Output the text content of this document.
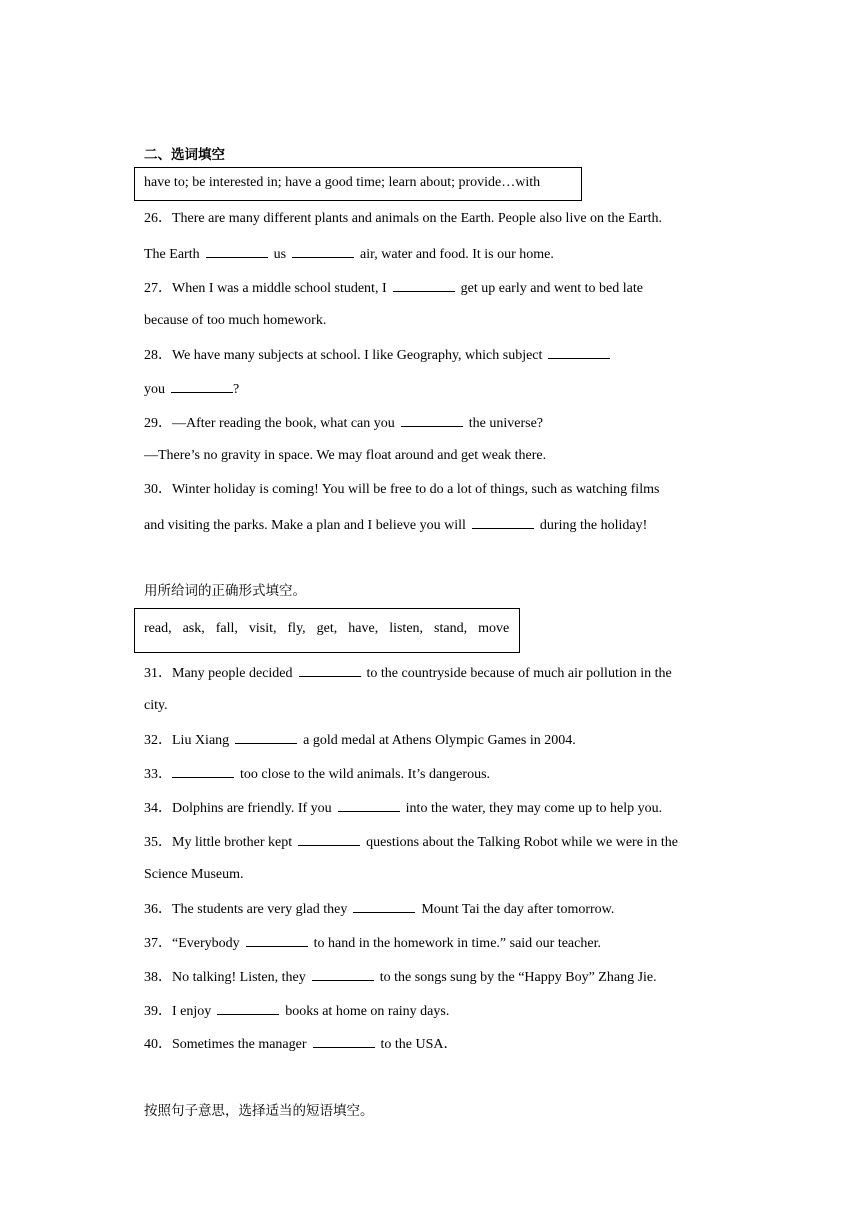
二、选词填空
have to; be interested in; have a good time; learn about; provide…with
26．There are many different plants and animals on the Earth. People also live on the Earth.
The Earth	us	air, water and food. It is our home.
27．When I was a middle school student, I	get up early and went to bed late
because of too much homework.
28．We have many subjects at school. I like Geography, which subject
you	?
29．—After reading the book, what can you	the universe?
—There’s no gravity in space. We may float around and get weak there.
30．Winter holiday is coming! You will be free to do a lot of things, such as watching films
and visiting the parks. Make a plan and I believe you will	during the holiday!
用所给词的正确形式填空。
read,  ask,  fall,  visit,  fly,  get,  have,  listen,  stand,  move
31．Many people decided	to the countryside because of much air pollution in the
city.
32．Liu Xiang	a gold medal at Athens Olympic Games in 2004.
33．	too close to the wild animals. It’s dangerous.
34．Dolphins are friendly. If you	into the water, they may come up to help you.
35．My little brother kept	questions about the Talking Robot while we were in the
Science Museum.
36．The students are very glad they	Mount Tai the day after tomorrow.
37．“Everybody	to hand in the homework in time.” said our teacher.
38．No talking! Listen, they	to the songs sung by the “Happy Boy” Zhang Jie.
39．I enjoy	books at home on rainy days.
40．Sometimes the manager	to the USA．
按照句子意思，选择适当的短语填空。
